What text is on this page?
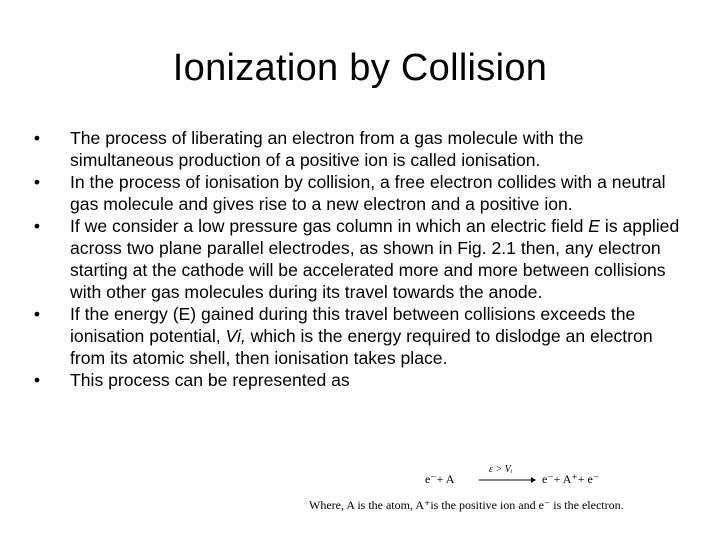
Ionization by Collision
• The process of liberating an electron from a gas molecule with the simultaneous production of a positive ion is called ionisation.
• In the process of ionisation by collision, a free electron collides with a neutral gas molecule and gives rise to a new electron and a positive ion.
• If we consider a low pressure gas column in which an electric field E is applied across two plane parallel electrodes, as shown in Fig. 2.1 then, any electron starting at the cathode will be accelerated more and more between collisions with other gas molecules during its travel towards the anode.
• If the energy (E) gained during this travel between collisions exceeds the ionisation potential, Vi, which is the energy required to dislodge an electron from its atomic shell, then ionisation takes place.
• This process can be represented as
e⁻+ A
ε > Vᵢ
e⁻+ A⁺+ e⁻
Where, A is the atom, A⁺is the positive ion and e⁻ is the electron.
